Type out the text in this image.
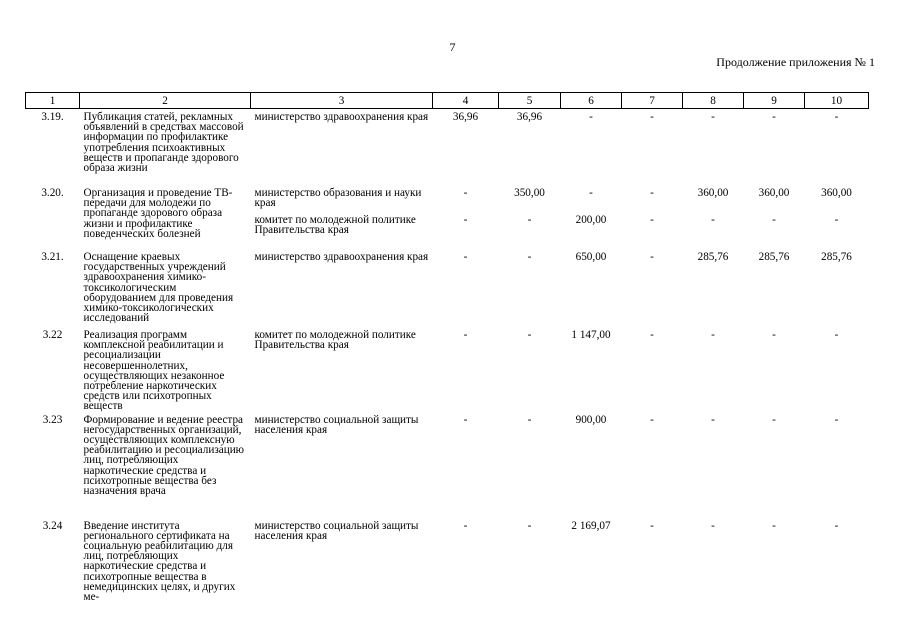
7
Продолжение приложения № 1
1	2	3	4	5	6	7	8	9	10
3.19.	Публикация статей, рекламных объявлений в средствах массовой информации по профилактике употребления психоактивных веществ и пропаганде здорового образа жизни	министерство здравоохранения края	36,96	36,96	-	-	-	-	-
3.20.	Организация и проведение ТВ-передачи для молодежи по пропаганде здорового образа жизни и профилактике поведенческих болезней	министерство образования и науки края	-	350,00	-	-	360,00	360,00	360,00
		комитет по молодежной политике Правительства края	-	-	200,00	-	-	-	-
3.21.	Оснащение краевых государственных учреждений здравоохранения химико-токсикологическим оборудованием для проведения химико-токсикологических исследований	министерство здравоохранения края	-	-	650,00	-	285,76	285,76	285,76
3.22	Реализация программ комплексной реабилитации и ресоциализации несовершеннолетних, осуществляющих незаконное потребление наркотических средств или психотропных веществ	комитет по молодежной политике Правительства края	-	-	1 147,00	-	-	-	-
3.23	Формирование и ведение реестра негосударственных организаций, осуществляющих комплексную реабилитацию и ресоциализацию лиц, потребляющих наркотические средства и психотропные вещества без назначения врача	министерство социальной защиты населения края	-	-	900,00	-	-	-	-
3.24	Введение института регионального сертификата на социальную реабилитацию для лиц, потребляющих наркотические средства и психотропные вещества в немедицинских целях, и других ме-	министерство социальной защиты населения края	-	-	2 169,07	-	-	-	-
